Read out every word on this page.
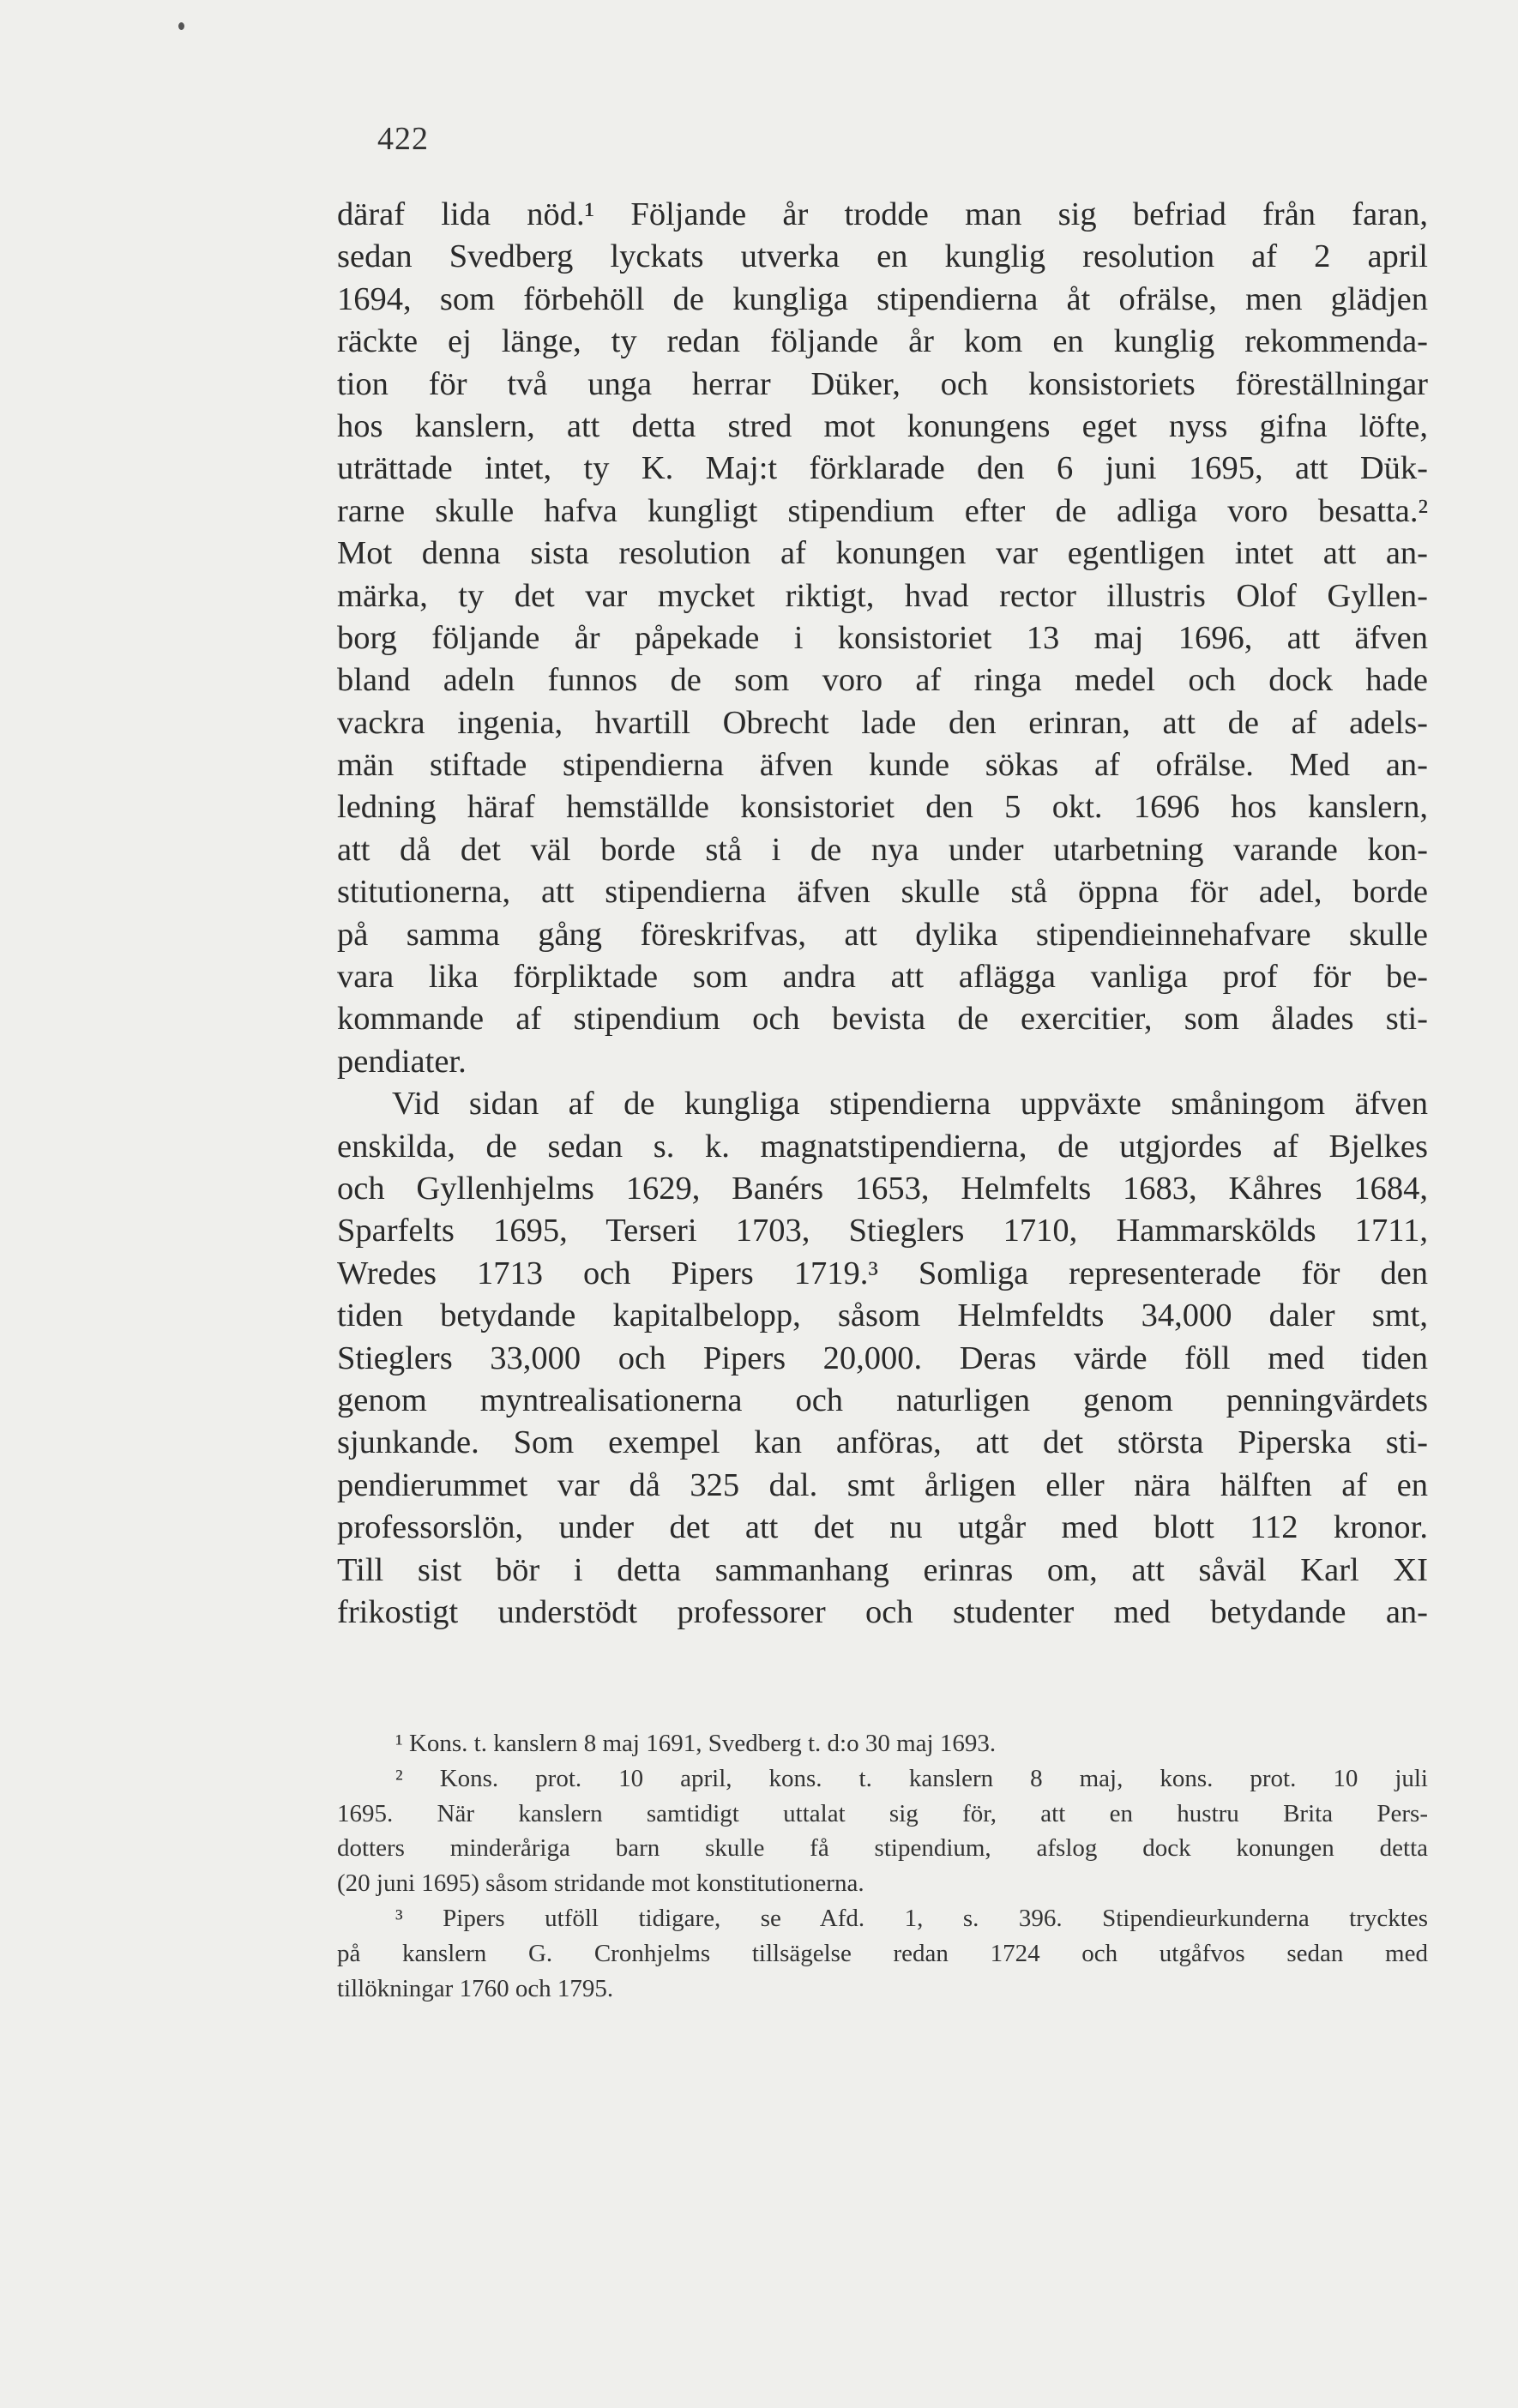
422
däraf lida nöd.¹ Följande år trodde man sig befriad från faran,
sedan Svedberg lyckats utverka en kunglig resolution af 2 april
1694, som förbehöll de kungliga stipendierna åt ofrälse, men glädjen
räckte ej länge, ty redan följande år kom en kunglig rekommenda-
tion för två unga herrar Düker, och konsistoriets föreställningar
hos kanslern, att detta stred mot konungens eget nyss gifna löfte,
uträttade intet, ty K. Maj:t förklarade den 6 juni 1695, att Dük-
rarne skulle hafva kungligt stipendium efter de adliga voro besatta.²
Mot denna sista resolution af konungen var egentligen intet att an-
märka, ty det var mycket riktigt, hvad rector illustris Olof Gyllen-
borg följande år påpekade i konsistoriet 13 maj 1696, att äfven
bland adeln funnos de som voro af ringa medel och dock hade
vackra ingenia, hvartill Obrecht lade den erinran, att de af adels-
män stiftade stipendierna äfven kunde sökas af ofrälse. Med an-
ledning häraf hemställde konsistoriet den 5 okt. 1696 hos kanslern,
att då det väl borde stå i de nya under utarbetning varande kon-
stitutionerna, att stipendierna äfven skulle stå öppna för adel, borde
på samma gång föreskrifvas, att dylika stipendieinnehafvare skulle
vara lika förpliktade som andra att aflägga vanliga prof för be-
kommande af stipendium och bevista de exercitier, som ålades sti-
pendiater.
Vid sidan af de kungliga stipendierna uppväxte småningom äfven
enskilda, de sedan s. k. magnatstipendierna, de utgjordes af Bjelkes
och Gyllenhjelms 1629, Banérs 1653, Helmfelts 1683, Kåhres 1684,
Sparfelts 1695, Terseri 1703, Stieglers 1710, Hammarskölds 1711,
Wredes 1713 och Pipers 1719.³ Somliga representerade för den
tiden betydande kapitalbelopp, såsom Helmfeldts 34,000 daler smt,
Stieglers 33,000 och Pipers 20,000. Deras värde föll med tiden
genom myntrealisationerna och naturligen genom penningvärdets
sjunkande. Som exempel kan anföras, att det största Piperska sti-
pendierummet var då 325 dal. smt årligen eller nära hälften af en
professorslön, under det att det nu utgår med blott 112 kronor.
Till sist bör i detta sammanhang erinras om, att såväl Karl XI
frikostigt understödt professorer och studenter med betydande an-
¹ Kons. t. kanslern 8 maj 1691, Svedberg t. d:o 30 maj 1693.
² Kons. prot. 10 april, kons. t. kanslern 8 maj, kons. prot. 10 juli
1695. När kanslern samtidigt uttalat sig för, att en hustru Brita Pers-
dotters minderåriga barn skulle få stipendium, afslog dock konungen detta
(20 juni 1695) såsom stridande mot konstitutionerna.
³ Pipers utföll tidigare, se Afd. 1, s. 396. Stipendieurkunderna trycktes
på kanslern G. Cronhjelms tillsägelse redan 1724 och utgåfvos sedan med
tillökningar 1760 och 1795.
